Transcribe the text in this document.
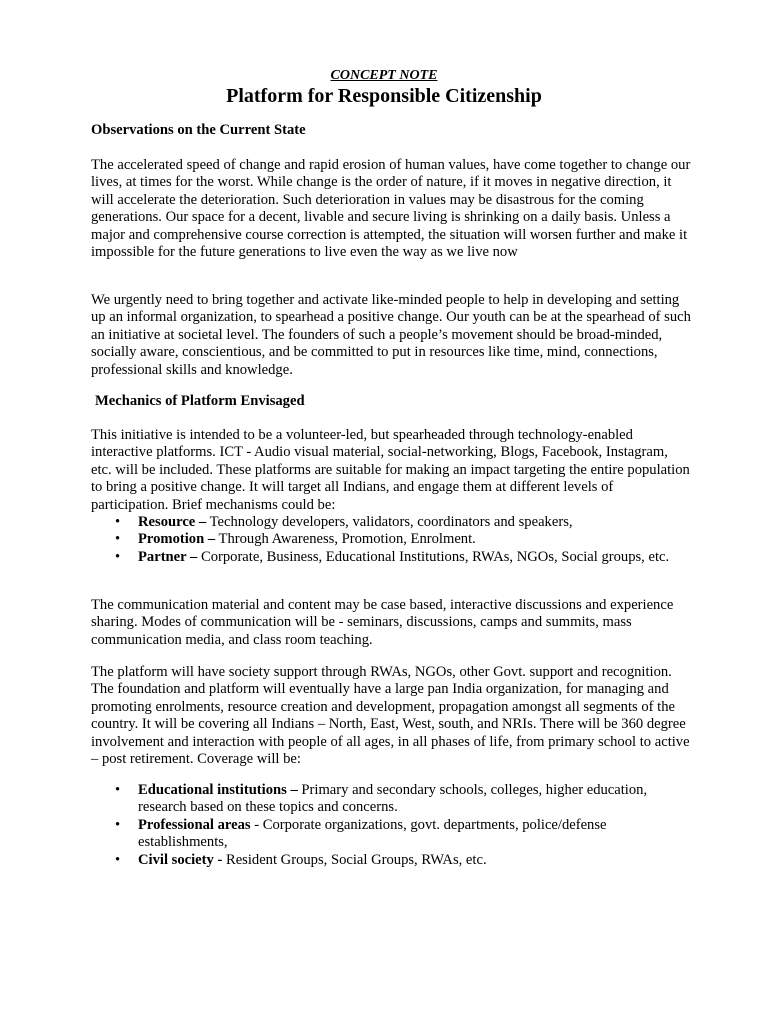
CONCEPT NOTE
Platform for Responsible Citizenship

Observations on the Current State

The accelerated speed of change and rapid erosion of human values, have come together to change our lives, at times for the worst. While change is the order of nature, if it moves in negative direction, it will accelerate the deterioration. Such deterioration in values may be disastrous for the coming generations. Our space for a decent, livable and secure living is shrinking on a daily basis. Unless a major and comprehensive course correction is attempted, the situation will worsen further and make it impossible for the future generations to live even the way as we live now

We urgently need to bring together and activate like-minded people to help in developing and setting up an informal organization, to spearhead a positive change. Our youth can be at the spearhead of such an initiative at societal level. The founders of such a people’s movement should be broad-minded, socially aware, conscientious, and be committed to put in resources like time, mind, connections, professional skills and knowledge.

Mechanics of Platform Envisaged

This initiative is intended to be a volunteer-led, but spearheaded through technology-enabled interactive platforms. ICT - Audio visual material, social-networking, Blogs, Facebook, Instagram, etc. will be included. These platforms are suitable for making an impact targeting the entire population to bring a positive change. It will target all Indians, and engage them at different levels of participation. Brief mechanisms could be:

• Resource – Technology developers, validators, coordinators and speakers,
• Promotion – Through Awareness, Promotion, Enrolment.
• Partner – Corporate, Business, Educational Institutions, RWAs, NGOs, Social groups, etc.

The communication material and content may be case based, interactive discussions and experience sharing. Modes of communication will be - seminars, discussions, camps and summits, mass communication media, and class room teaching.

The platform will have society support through RWAs, NGOs, other Govt. support and recognition. The foundation and platform will eventually have a large pan India organization, for managing and promoting enrolments, resource creation and development, propagation amongst all segments of the country. It will be covering all Indians – North, East, West, south, and NRIs. There will be 360 degree involvement and interaction with people of all ages, in all phases of life, from primary school to active – post retirement. Coverage will be:

• Educational institutions – Primary and secondary schools, colleges, higher education, research based on these topics and concerns.
• Professional areas - Corporate organizations, govt. departments, police/defense establishments,
• Civil society - Resident Groups, Social Groups, RWAs, etc.
